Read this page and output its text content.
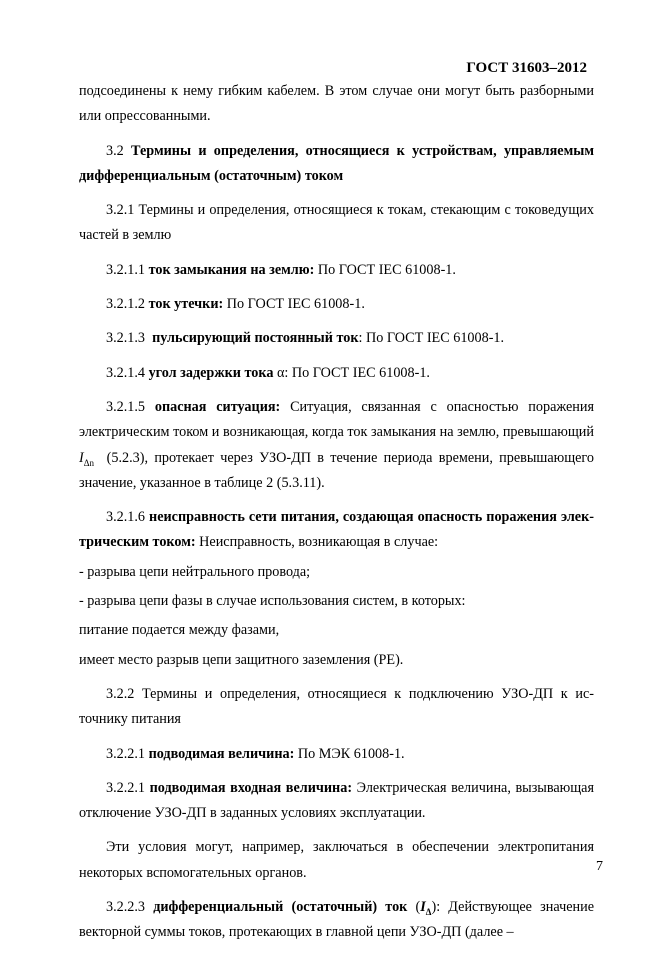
ГОСТ 31603–2012

подсоединены к нему гибким кабелем. В этом случае они могут быть разборными или опрессованными.

3.2 Термины и определения, относящиеся к устройствам, управляемым дифференциальным (остаточным) током

3.2.1 Термины и определения, относящиеся к токам, стекающим с токоведущих частей в землю

3.2.1.1 ток замыкания на землю: По ГОСТ IEC 61008-1.

3.2.1.2 ток утечки: По ГОСТ IEC 61008-1.

3.2.1.3  пульсирующий постоянный ток: По ГОСТ IEC 61008-1.

3.2.1.4 угол задержки тока α: По ГОСТ IEC 61008-1.

3.2.1.5 опасная ситуация: Ситуация, связанная с опасностью поражения электрическим током и возникающая, когда ток замыкания на землю, превышающий $I_{\Delta n}$  (5.2.3), протекает через УЗО-ДП в течение периода времени, превышающего значение, указанное в таблице 2 (5.3.11).

3.2.1.6 неисправность сети питания, создающая опасность поражения электрическим током: Неисправность, возникающая в случае:

- разрыва цепи нейтрального провода;

- разрыва цепи фазы в случае использования систем, в которых:

питание подается между фазами,

имеет место разрыв цепи защитного заземления (PE).

3.2.2 Термины и определения, относящиеся к подключению УЗО-ДП к источнику питания

3.2.2.1 подводимая величина: По МЭК 61008-1.

3.2.2.1 подводимая входная величина: Электрическая величина, вызывающая отключение УЗО-ДП в заданных условиях эксплуатации.

Эти условия могут, например, заключаться в обеспечении электропитания некоторых вспомогательных органов.

3.2.2.3 дифференциальный (остаточный) ток $(I_\Delta)$: Действующее значение векторной суммы токов, протекающих в главной цепи УЗО-ДП (далее –

7
